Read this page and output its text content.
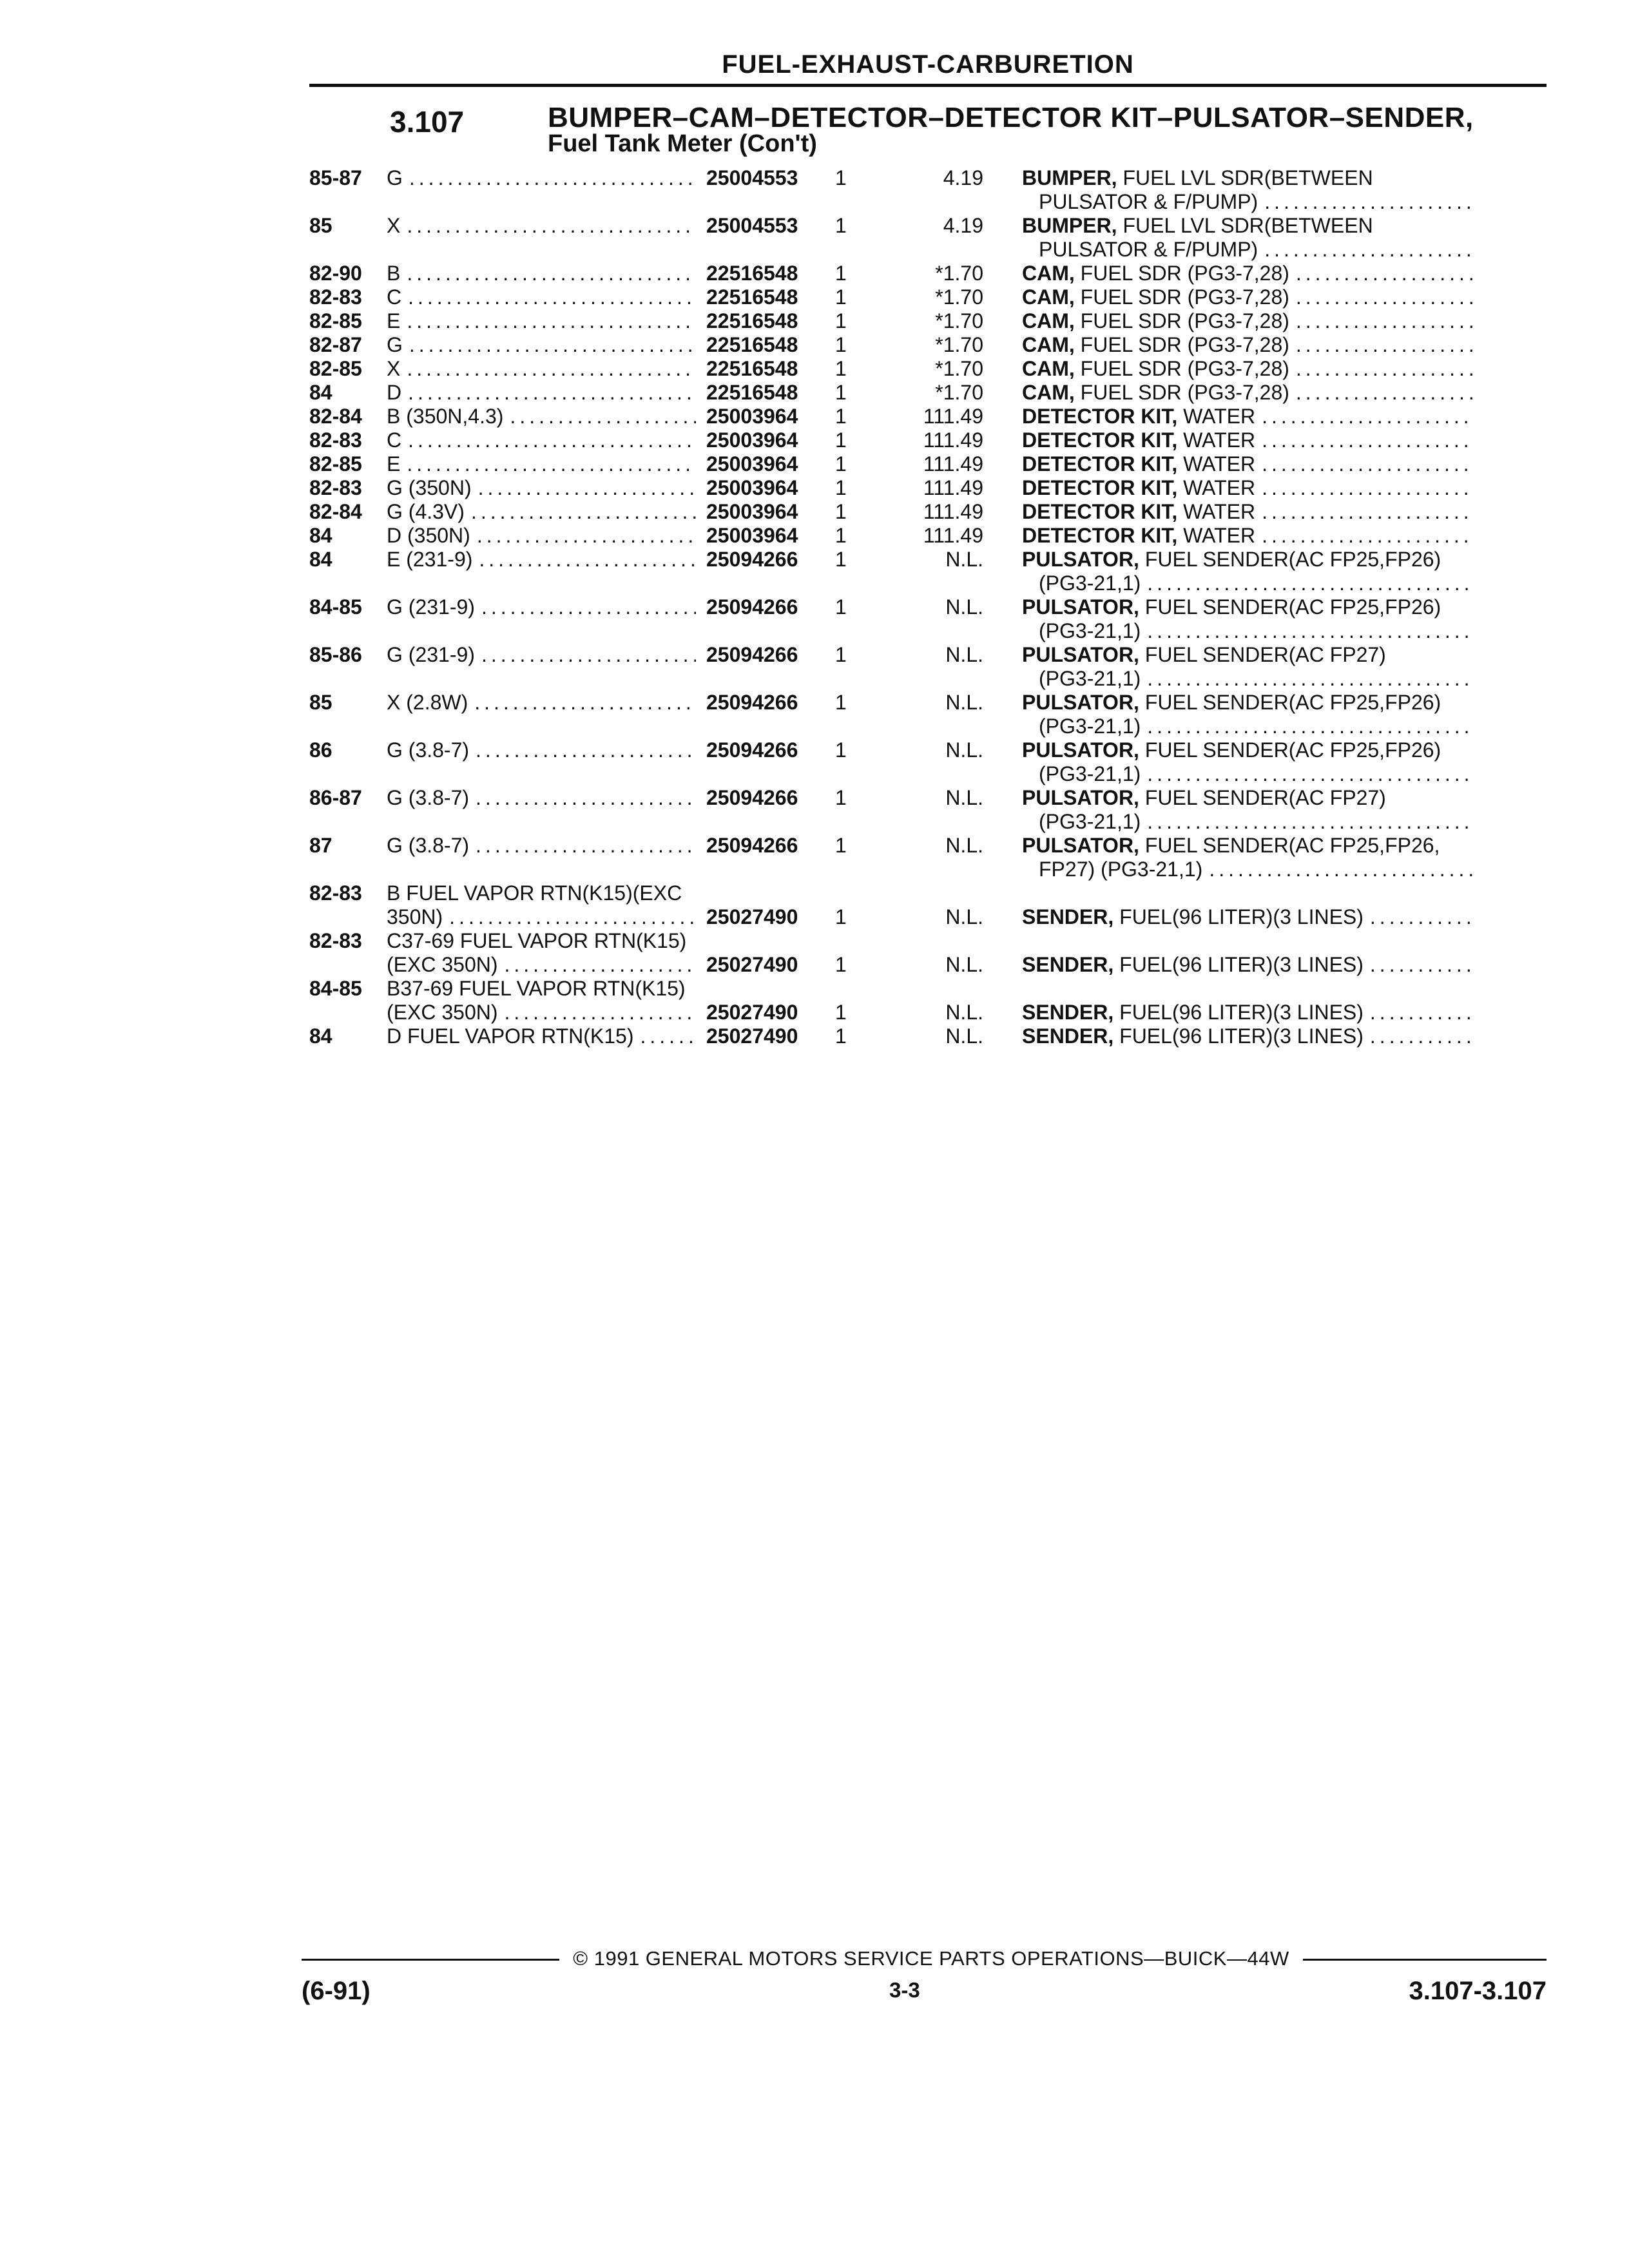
FUEL-EXHAUST-CARBURETION
3.107	BUMPER–CAM–DETECTOR–DETECTOR KIT–PULSATOR–SENDER,
Fuel Tank Meter (Con't)
85-87	G .....	25004553	1	4.19	BUMPER, FUEL LVL SDR(BETWEEN
PULSATOR & F/PUMP)
.....
85	X .....	25004553	1	4.19	BUMPER, FUEL LVL SDR(BETWEEN
PULSATOR & F/PUMP)
.....
82-90	B .....	22516548	1	*1.70	CAM, FUEL SDR (PG3-7,28)
.....
82-83	C .....	22516548	1	*1.70	CAM, FUEL SDR (PG3-7,28)
.....
82-85	E .....	22516548	1	*1.70	CAM, FUEL SDR (PG3-7,28)
.....
82-87	G .....	22516548	1	*1.70	CAM, FUEL SDR (PG3-7,28)
.....
82-85	X .....	22516548	1	*1.70	CAM, FUEL SDR (PG3-7,28)
.....
84	D .....	22516548	1	*1.70	CAM, FUEL SDR (PG3-7,28)
.....
82-84	B (350N,4.3) .....	25003964	1	111.49	DETECTOR KIT, WATER
.....
82-83	C .....	25003964	1	111.49	DETECTOR KIT, WATER
.....
82-85	E .....	25003964	1	111.49	DETECTOR KIT, WATER
.....
82-83	G (350N) .....	25003964	1	111.49	DETECTOR KIT, WATER
.....
82-84	G (4.3V) .....	25003964	1	111.49	DETECTOR KIT, WATER
.....
84	D (350N) .....	25003964	1	111.49	DETECTOR KIT, WATER
.....
84	E (231-9) .....	25094266	1	N.L.	PULSATOR, FUEL SENDER(AC FP25,FP26)
(PG3-21,1)
.....
84-85	G (231-9) .....	25094266	1	N.L.	PULSATOR, FUEL SENDER(AC FP25,FP26)
(PG3-21,1)
.....
85-86	G (231-9) .....	25094266	1	N.L.	PULSATOR, FUEL SENDER(AC FP27)
(PG3-21,1)
.....
85	X (2.8W) .....	25094266	1	N.L.	PULSATOR, FUEL SENDER(AC FP25,FP26)
(PG3-21,1)
.....
86	G (3.8-7) .....	25094266	1	N.L.	PULSATOR, FUEL SENDER(AC FP25,FP26)
(PG3-21,1)
.....
86-87	G (3.8-7) .....	25094266	1	N.L.	PULSATOR, FUEL SENDER(AC FP27)
(PG3-21,1)
.....
87	G (3.8-7) .....	25094266	1	N.L.	PULSATOR, FUEL SENDER(AC FP25,FP26,
FP27) (PG3-21,1)
.....
82-83	B FUEL VAPOR RTN(K15)(EXC
350N) .....	25027490	1	N.L.	SENDER, FUEL(96 LITER)(3 LINES)
.....
82-83	C37-69 FUEL VAPOR RTN(K15)
(EXC 350N) .....	25027490	1	N.L.	SENDER, FUEL(96 LITER)(3 LINES)
.....
84-85	B37-69 FUEL VAPOR RTN(K15)
(EXC 350N) .....	25027490	1	N.L.	SENDER, FUEL(96 LITER)(3 LINES)
.....
84	D FUEL VAPOR RTN(K15) .....	25027490	1	N.L.	SENDER, FUEL(96 LITER)(3 LINES)
.....
© 1991 GENERAL MOTORS SERVICE PARTS OPERATIONS—BUICK—44W
(6-91)	3-3	3.107-3.107
